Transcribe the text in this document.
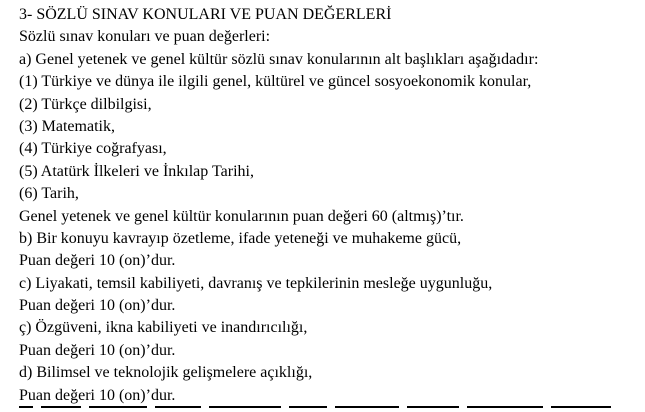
3- SÖZLÜ SINAV KONULARI VE PUAN DEĞERLERİ
Sözlü sınav konuları ve puan değerleri:
a) Genel yetenek ve genel kültür sözlü sınav konularının alt başlıkları aşağıdadır:
(1) Türkiye ve dünya ile ilgili genel, kültürel ve güncel sosyoekonomik konular,
(2) Türkçe dilbilgisi,
(3) Matematik,
(4) Türkiye coğrafyası,
(5) Atatürk İlkeleri ve İnkılap Tarihi,
(6) Tarih,
Genel yetenek ve genel kültür konularının puan değeri 60 (altmış)’tır.
b) Bir konuyu kavrayıp özetleme, ifade yeteneği ve muhakeme gücü,
Puan değeri 10 (on)’dur.
c) Liyakati, temsil kabiliyeti, davranış ve tepkilerinin mesleğe uygunluğu,
Puan değeri 10 (on)’dur.
ç) Özgüveni, ikna kabiliyeti ve inandırıcılığı,
Puan değeri 10 (on)’dur.
d) Bilimsel ve teknolojik gelişmelere açıklığı,
Puan değeri 10 (on)’dur.
